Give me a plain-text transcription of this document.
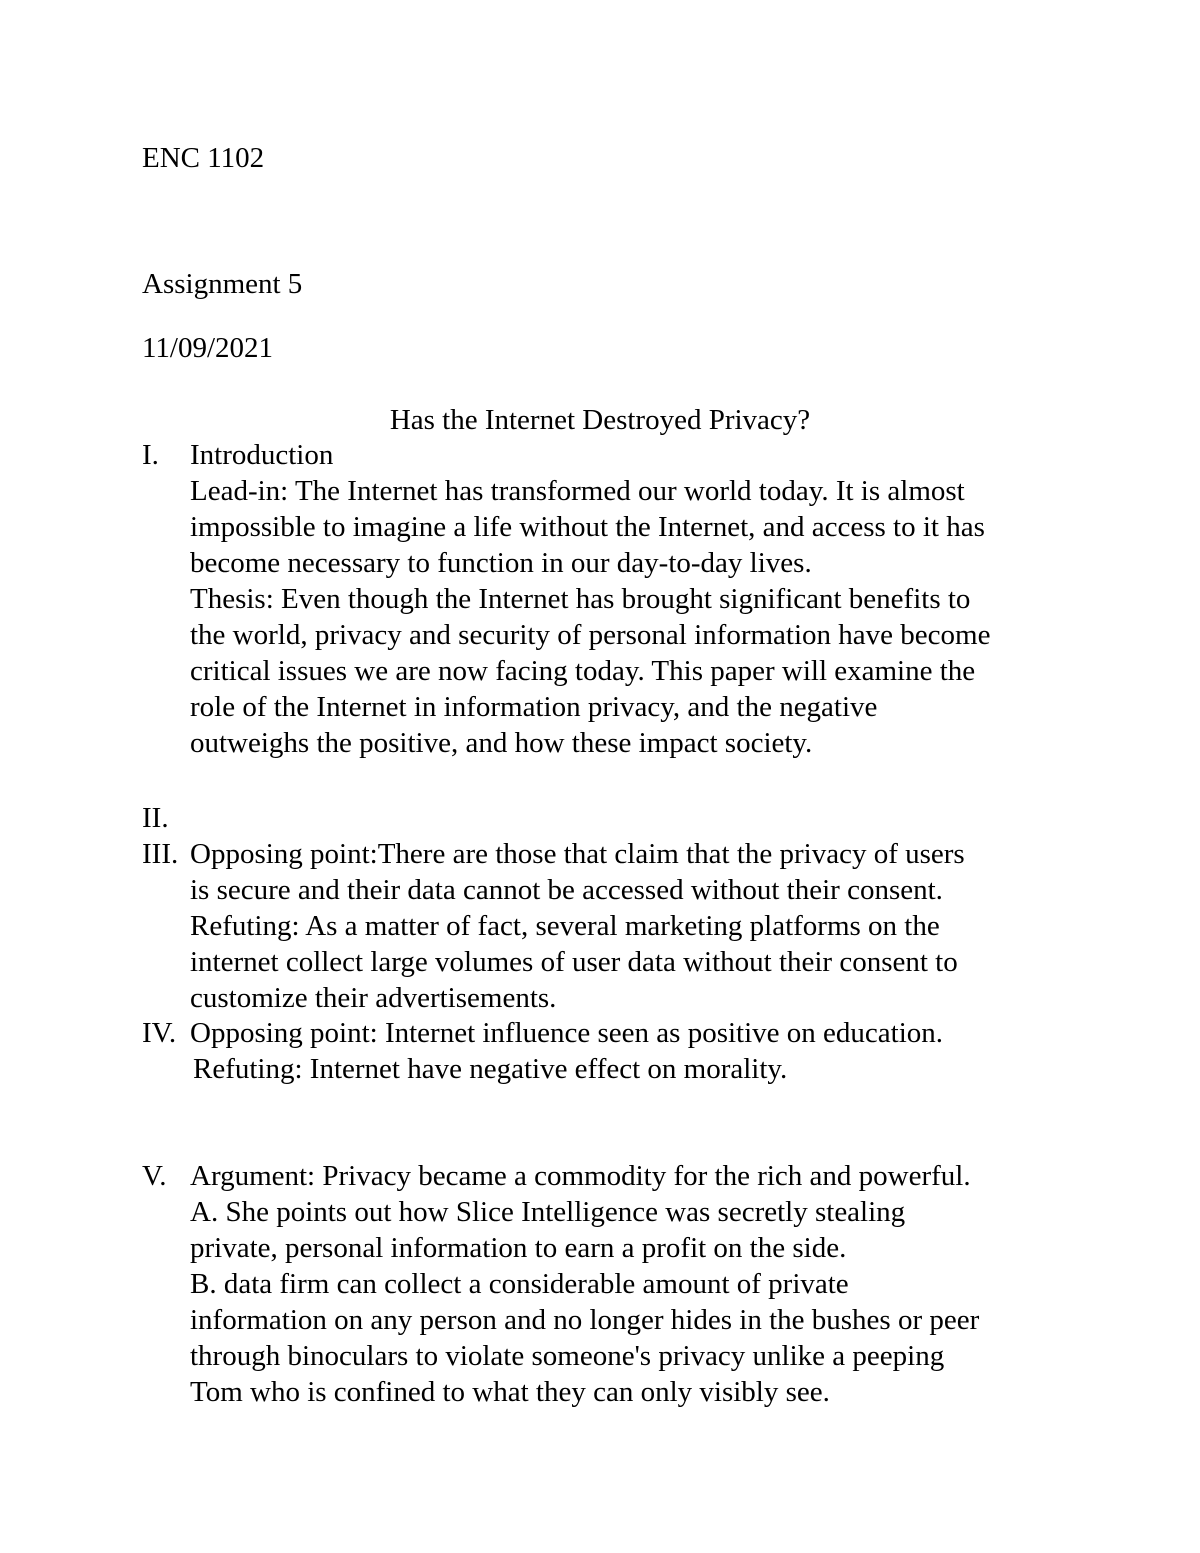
ENC 1102

Assignment 5

11/09/2021

Has the Internet Destroyed Privacy?
I. Introduction

Lead-in: The Internet has transformed our world today. It is almost
impossible to imagine a life without the Internet, and access to it has
become necessary to function in our day-to-day lives.

Thesis: Even though the Internet has brought significant benefits to
the world, privacy and security of personal information have become
critical issues we are now facing today. This paper will examine the
role of the Internet in information privacy, and the negative
outweighs the positive, and how these impact society.

II.
III. Opposing point:There are those that claim that the privacy of users
is secure and their data cannot be accessed without their consent.

Refuting: As a matter of fact, several marketing platforms on the
internet collect large volumes of user data without their consent to
customize their advertisements.

IV. Opposing point: Internet influence seen as positive on education.

Refuting: Internet have negative effect on morality.

V. Argument: Privacy became a commodity for the rich and powerful.

A. She points out how Slice Intelligence was secretly stealing
private, personal information to earn a profit on the side.

B. data firm can collect a considerable amount of private
information on any person and no longer hides in the bushes or peer
through binoculars to violate someone's privacy unlike a peeping
Tom who is confined to what they can only visibly see.
